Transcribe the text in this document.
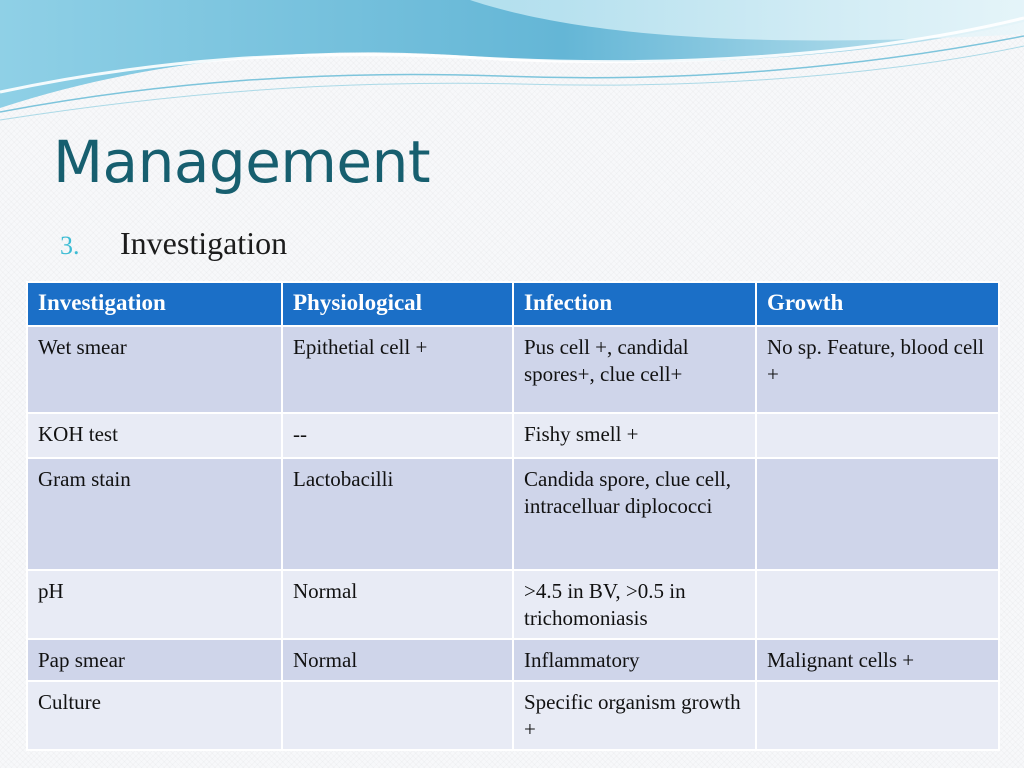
Management
3.	Investigation
Investigation	Physiological	Infection	Growth
Wet smear	Epithetial cell +	Pus cell +, candidal spores+, clue cell+	No sp. Feature, blood cell +
KOH test	--	Fishy smell +	
Gram stain	Lactobacilli	Candida spore, clue cell, intracelluar diplococci	
pH	Normal	>4.5 in BV, >0.5 in trichomoniasis	
Pap smear	Normal	Inflammatory	Malignant cells +
Culture		Specific organism growth +	
